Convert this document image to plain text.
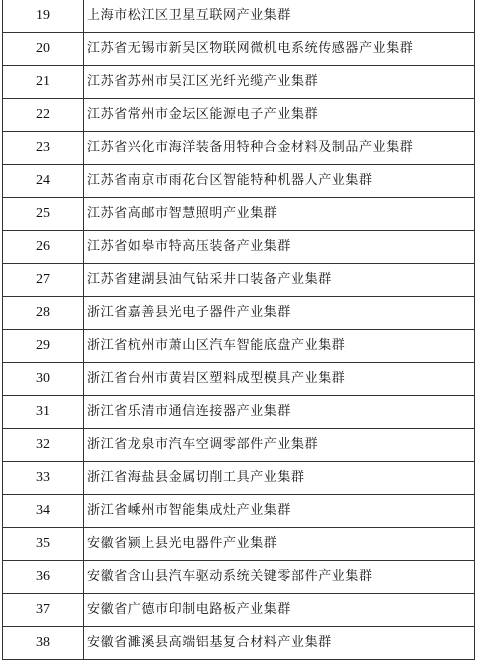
19	上海市松江区卫星互联网产业集群
20	江苏省无锡市新吴区物联网微机电系统传感器产业集群
21	江苏省苏州市吴江区光纤光缆产业集群
22	江苏省常州市金坛区能源电子产业集群
23	江苏省兴化市海洋装备用特种合金材料及制品产业集群
24	江苏省南京市雨花台区智能特种机器人产业集群
25	江苏省高邮市智慧照明产业集群
26	江苏省如皋市特高压装备产业集群
27	江苏省建湖县油气钻采井口装备产业集群
28	浙江省嘉善县光电子器件产业集群
29	浙江省杭州市萧山区汽车智能底盘产业集群
30	浙江省台州市黄岩区塑料成型模具产业集群
31	浙江省乐清市通信连接器产业集群
32	浙江省龙泉市汽车空调零部件产业集群
33	浙江省海盐县金属切削工具产业集群
34	浙江省嵊州市智能集成灶产业集群
35	安徽省颍上县光电器件产业集群
36	安徽省含山县汽车驱动系统关键零部件产业集群
37	安徽省广德市印制电路板产业集群
38	安徽省濉溪县高端铝基复合材料产业集群
